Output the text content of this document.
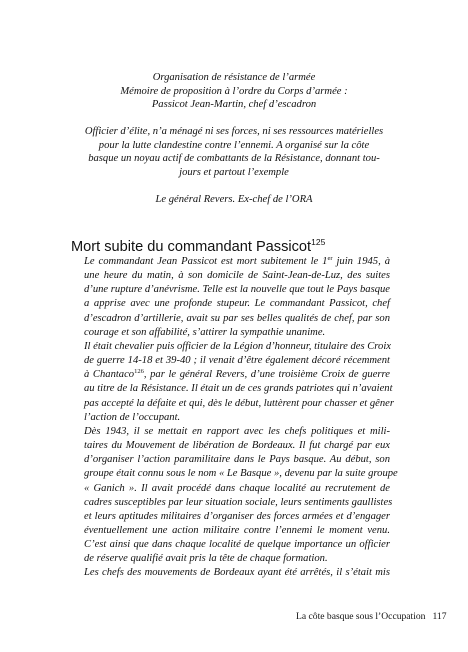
Organisation de résistance de l’armée
Mémoire de proposition à l’ordre du Corps d’armée :
Passicot Jean-Martin, chef d’escadron
Officier d’élite, n’a ménagé ni ses forces, ni ses ressources matérielles
pour la lutte clandestine contre l’ennemi. A organisé sur la côte
basque un noyau actif de combattants de la Résistance, donnant tou-
jours et partout l’exemple
Le général Revers. Ex-chef de l’ORA
Mort subite du commandant Passicot$^{125}$
Le commandant Jean Passicot est mort subitement le 1er juin 1945, à
une heure du matin, à son domicile de Saint-Jean-de-Luz, des suites
d’une rupture d’anévrisme. Telle est la nouvelle que tout le Pays basque
a apprise avec une profonde stupeur. Le commandant Passicot, chef
d’escadron d’artillerie, avait su par ses belles qualités de chef, par son
courage et son affabilité, s’attirer la sympathie unanime.
Il était chevalier puis officier de la Légion d’honneur, titulaire des Croix
de guerre 14-18 et 39-40 ; il venait d’être également décoré récemment
à Chantaco$^{126}$, par le général Revers, d’une troisième Croix de guerre
au titre de la Résistance. Il était un de ces grands patriotes qui n’avaient
pas accepté la défaite et qui, dès le début, luttèrent pour chasser et gêner
l’action de l’occupant.
Dès 1943, il se mettait en rapport avec les chefs politiques et mili-
taires du Mouvement de libération de Bordeaux. Il fut chargé par eux
d’organiser l’action paramilitaire dans le Pays basque. Au début, son
groupe était connu sous le nom « Le Basque », devenu par la suite groupe
« Ganich ». Il avait procédé dans chaque localité au recrutement de
cadres susceptibles par leur situation sociale, leurs sentiments gaullistes
et leurs aptitudes militaires d’organiser des forces armées et d’engager
éventuellement une action militaire contre l’ennemi le moment venu.
C’est ainsi que dans chaque localité de quelque importance un officier
de réserve qualifié avait pris la tête de chaque formation.
Les chefs des mouvements de Bordeaux ayant été arrêtés, il s’était mis
La côte basque sous l’Occupation 117
